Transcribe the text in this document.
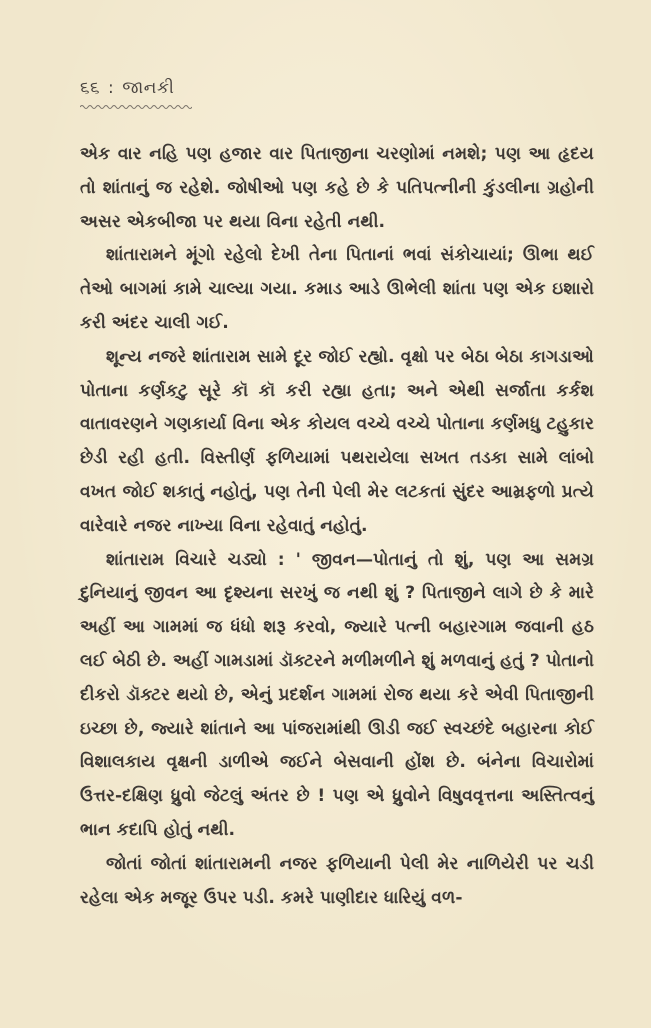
૬૬ : જાનકી

એક વાર નહિ પણ હજાર વાર પિતાજીના ચરણોમાં નમશે; પણ આ હૃદય તો શાંતાનું જ રહેશે. જોષીઓ પણ કહે છે કે પતિપત્નીની કુંડલીના ગ્રહોની અસર એકબીજા પર થયા વિના રહેતી નથી.

શાંતારામને મૂંગો રહેલો દેખી તેના પિતાનાં ભવાં સંકોચાયાં; ઊભા થઈ તેઓ બાગમાં કામે ચાલ્યા ગયા. કમાડ આડે ઊભેલી શાંતા પણ એક ઇશારો કરી અંદર ચાલી ગઈ.

શૂન્ય નજરે શાંતારામ સામે દૂર જોઈ રહ્યો. વૃક્ષો પર બેઠા બેઠા કાગડાઓ પોતાના કર્ણકટુ સૂરે કૉ કૉ કરી રહ્યા હતા; અને એથી સર્જાતા કર્કશ વાતાવરણને ગણકાર્યા વિના એક કોયલ વચ્ચે વચ્ચે પોતાના કર્ણમધુ ટહુકાર છેડી રહી હતી. વિસ્તીર્ણ ફળિયામાં પથરાયેલા સખત તડકા સામે લાંબો વખત જોઈ શકાતું નહોતું, પણ તેની પેલી મેર લટકતાં સુંદર આમ્રફળો પ્રત્યે વારેવારે નજર નાખ્યા વિના રહેવાતું નહોતું.

શાંતારામ વિચારે ચડ્યો : ' જીવન—પોતાનું તો શું, પણ આ સમગ્ર દુનિયાનું જીવન આ દૃશ્યના સરખું જ નથી શું ? પિતાજીને લાગે છે કે મારે અહીં આ ગામમાં જ ધંધો શરૂ કરવો, જ્યારે પત્ની બહારગામ જવાની હઠ લઈ બેઠી છે. અહીં ગામડામાં ડૉક્ટરને મળીમળીને શું મળવાનું હતું ? પોતાનો દીકરો ડૉક્ટર થયો છે, એનું પ્રદર્શન ગામમાં રોજ થયા કરે એવી પિતાજીની ઇચ્છા છે, જ્યારે શાંતાને આ પાંજરામાંથી ઊડી જઈ સ્વચ્છંદે બહારના કોઈ વિશાલકાય વૃક્ષની ડાળીએ જઈને બેસવાની હોંશ છે. બંનેના વિચારોમાં ઉત્તર-દક્ષિણ ધ્રુવો જેટલું અંતર છે ! પણ એ ધ્રુવોને વિષુવવૃત્તના અસ્તિત્વનું ભાન કદાપિ હોતું નથી.

જોતાં જોતાં શાંતારામની નજર ફળિયાની પેલી મેર નાળિયેરી પર ચડી રહેલા એક મજૂર ઉપર પડી. કમરે પાણીદાર ધારિયું વળ-
